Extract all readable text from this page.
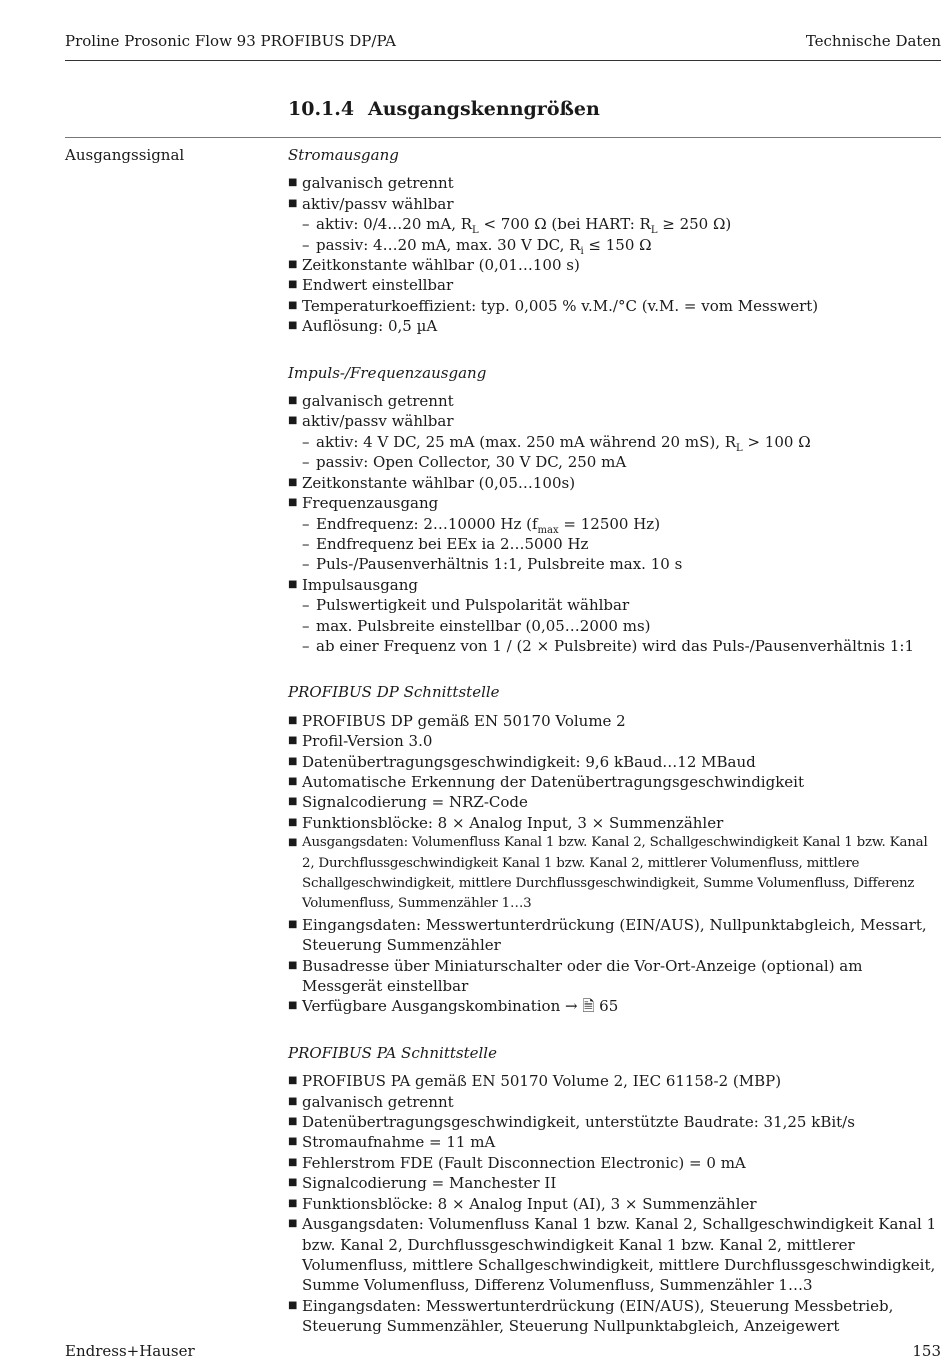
Proline Prosonic Flow 93 PROFIBUS DP/PA	Technische Daten
10.1.4 Ausgangskenngrößen
Ausgangssignal	Stromausgang
■ galvanisch getrennt
■ aktiv/passv wählbar
– aktiv: 0/4…20 mA, $R_L < 700$ Ω (bei HART: $R_L \ge 250$ Ω)
– passiv: 4…20 mA, max. 30 V DC, $R_i \le 150$ Ω
■ Zeitkonstante wählbar (0,01…100 s)
■ Endwert einstellbar
■ Temperaturkoeffizient: typ. 0,005 % v.M./°C (v.M. = vom Messwert)
■ Auflösung: 0,5 µA
Impuls-/Frequenzausgang
■ galvanisch getrennt
■ aktiv/passv wählbar
– aktiv: 4 V DC, 25 mA (max. 250 mA während 20 mS), $R_L > 100$ Ω
– passiv: Open Collector, 30 V DC, 250 mA
■ Zeitkonstante wählbar (0,05…100s)
■ Frequenzausgang
– Endfrequenz: 2…10000 Hz ($f_{max} = 12500$ Hz)
– Endfrequenz bei EEx ia 2…5000 Hz
– Puls-/Pausenverhältnis 1:1, Pulsbreite max. 10 s
■ Impulsausgang
– Pulswertigkeit und Pulspolarität wählbar
– max. Pulsbreite einstellbar (0,05…2000 ms)
– ab einer Frequenz von 1 / (2 × Pulsbreite) wird das Puls-/Pausenverhältnis 1:1
PROFIBUS DP Schnittstelle
■ PROFIBUS DP gemäß EN 50170 Volume 2
■ Profil-Version 3.0
■ Datenübertragungsgeschwindigkeit: 9,6 kBaud…12 MBaud
■ Automatische Erkennung der Datenübertragungsgeschwindigkeit
■ Signalcodierung = NRZ-Code
■ Funktionsblöcke: 8 × Analog Input, 3 × Summenzähler
■ Ausgangsdaten: Volumenfluss Kanal 1 bzw. Kanal 2, Schallgeschwindigkeit Kanal 1 bzw. Kanal 2, Durchflussgeschwindigkeit Kanal 1 bzw. Kanal 2, mittlerer Volumenfluss, mittlere Schallgeschwindigkeit, mittlere Durchflussgeschwindigkeit, Summe Volumenfluss, Differenz Volumenfluss, Summenzähler 1…3
■ Eingangsdaten: Messwertunterdrückung (EIN/AUS), Nullpunktabgleich, Messart, Steuerung Summenzähler
■ Busadresse über Miniaturschalter oder die Vor-Ort-Anzeige (optional) am Messgerät einstellbar
■ Verfügbare Ausgangskombination → 🗎 65
PROFIBUS PA Schnittstelle
■ PROFIBUS PA gemäß EN 50170 Volume 2, IEC 61158-2 (MBP)
■ galvanisch getrennt
■ Datenübertragungsgeschwindigkeit, unterstützte Baudrate: 31,25 kBit/s
■ Stromaufnahme = 11 mA
■ Fehlerstrom FDE (Fault Disconnection Electronic) = 0 mA
■ Signalcodierung = Manchester II
■ Funktionsblöcke: 8 × Analog Input (AI), 3 × Summenzähler
■ Ausgangsdaten: Volumenfluss Kanal 1 bzw. Kanal 2, Schallgeschwindigkeit Kanal 1 bzw. Kanal 2, Durchflussgeschwindigkeit Kanal 1 bzw. Kanal 2, mittlerer Volumenfluss, mittlere Schallgeschwindigkeit, mittlere Durchflussgeschwindigkeit, Summe Volumenfluss, Differenz Volumenfluss, Summenzähler 1…3
■ Eingangsdaten: Messwertunterdrückung (EIN/AUS), Steuerung Messbetrieb, Steuerung Summenzähler, Steuerung Nullpunktabgleich, Anzeigewert
Endress+Hauser	153
